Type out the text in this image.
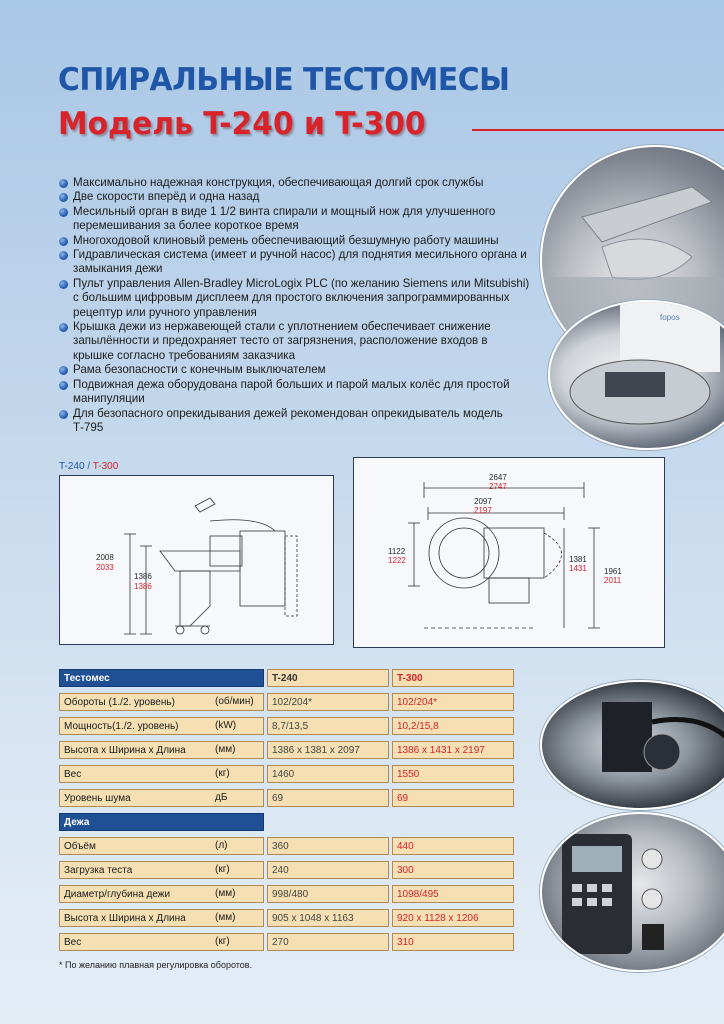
СПИРАЛЬНЫЕ ТЕСТОМЕСЫ
Модель T-240 и T-300
fopos
Максимально надежная конструкция, обеспечивающая долгий срок службы
Две скорости вперёд и одна назад
Месильный орган в виде 1 1/2 винта спирали и мощный нож для улучшенного перемешивания за более короткое время
Многоходовой клиновый ремень обеспечивающий безшумную работу машины
Гидравлическая система (имеет и ручной насос) для поднятия месильного органа и замыкания дежи
Пульт управления Allen-Bradley MicroLogix PLC (по желанию Siemens или Mitsubishi) с большим цифровым дисплеем для простого включения запрограммированных рецептур или ручного управления
Крышка дежи из нержавеющей стали с уплотнением обеспечивает снижение запылённости и предохраняет тесто от загрязнения, расположение входов в крышке согласно требованиям заказчика
Рама безопасности с конечным выключателем
Подвижная дежа оборудована парой больших и парой малых колёс для простой манипуляции
Для безопасного опрекидывания дежей рекомендован опрекидыватель модель Т-795
T-240 / T-300
2008
2033
1386
1386
2647
2747
2097
2197
1122
1222	1381
1431 1961
2011
Тестомес	T-240	T-300
Обороты (1./2. уровень)	(об/мин)	102/204*	102/204*
Мощность(1./2. уровень)	(kW)	8,7/13,5	10,2/15,8
Высота х Ширина х Длина	(мм)	1386 x 1381 x 2097	1386 x 1431 x 2197
Вес	(кг)	1460	1550
Уровень шума	дБ	69	69
Дежа
Объём	(л)	360	440
Загрузка теста	(кг)	240	300
Диаметр/глубина дежи	(мм)	998/480	1098/495
Высота х Ширина х Длина	(мм)	905 x 1048 x 1163	920 x 1128 x 1206
Вес	(кг)	270	310
* По желанию плавная регулировка оборотов.
